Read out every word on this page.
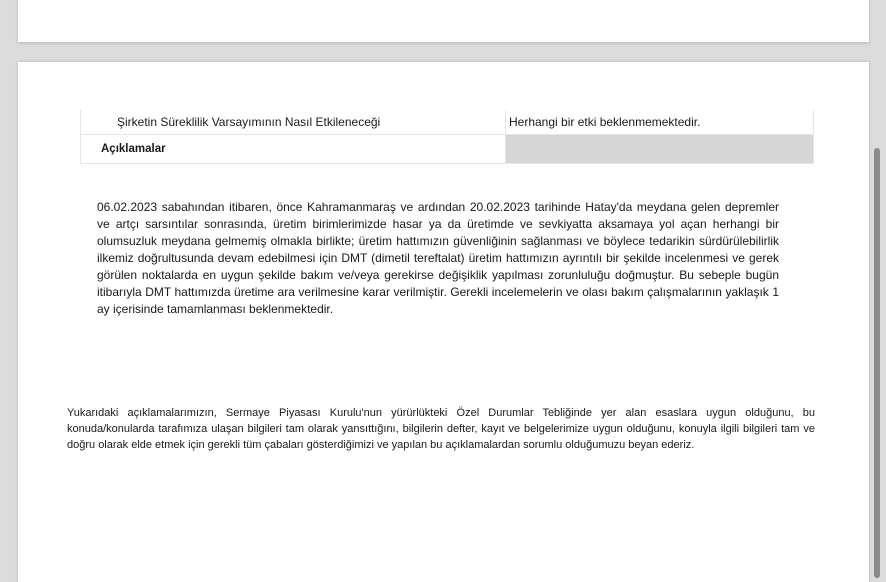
Şirketin Süreklilik Varsayımının Nasıl Etkileneceği	Herhangi bir etki beklenmemektedir.
Açıklamalar

06.02.2023 sabahından itibaren, önce Kahramanmaraş ve ardından 20.02.2023 tarihinde Hatay'da meydana gelen depremler ve artçı sarsıntılar sonrasında, üretim birimlerimizde hasar ya da üretimde ve sevkiyatta aksamaya yol açan herhangi bir olumsuzluk meydana gelmemiş olmakla birlikte; üretim hattımızın güvenliğinin sağlanması ve böylece tedarikin sürdürülebilirlik ilkemiz doğrultusunda devam edebilmesi için DMT (dimetil tereftalat) üretim hattımızın ayrıntılı bir şekilde incelenmesi ve gerek görülen noktalarda en uygun şekilde bakım ve/veya gerekirse değişiklik yapılması zorunluluğu doğmuştur. Bu sebeple bugün itibarıyla DMT hattımızda üretime ara verilmesine karar verilmiştir. Gerekli incelemelerin ve olası bakım çalışmalarının yaklaşık 1 ay içerisinde tamamlanması beklenmektedir.

Yukarıdaki açıklamalarımızın, Sermaye Piyasası Kurulu'nun yürürlükteki Özel Durumlar Tebliğinde yer alan esaslara uygun olduğunu, bu konuda/konularda tarafımıza ulaşan bilgileri tam olarak yansıttığını, bilgilerin defter, kayıt ve belgelerimize uygun olduğunu, konuyla ilgili bilgileri tam ve doğru olarak elde etmek için gerekli tüm çabaları gösterdiğimizi ve yapılan bu açıklamalardan sorumlu olduğumuzu beyan ederiz.
